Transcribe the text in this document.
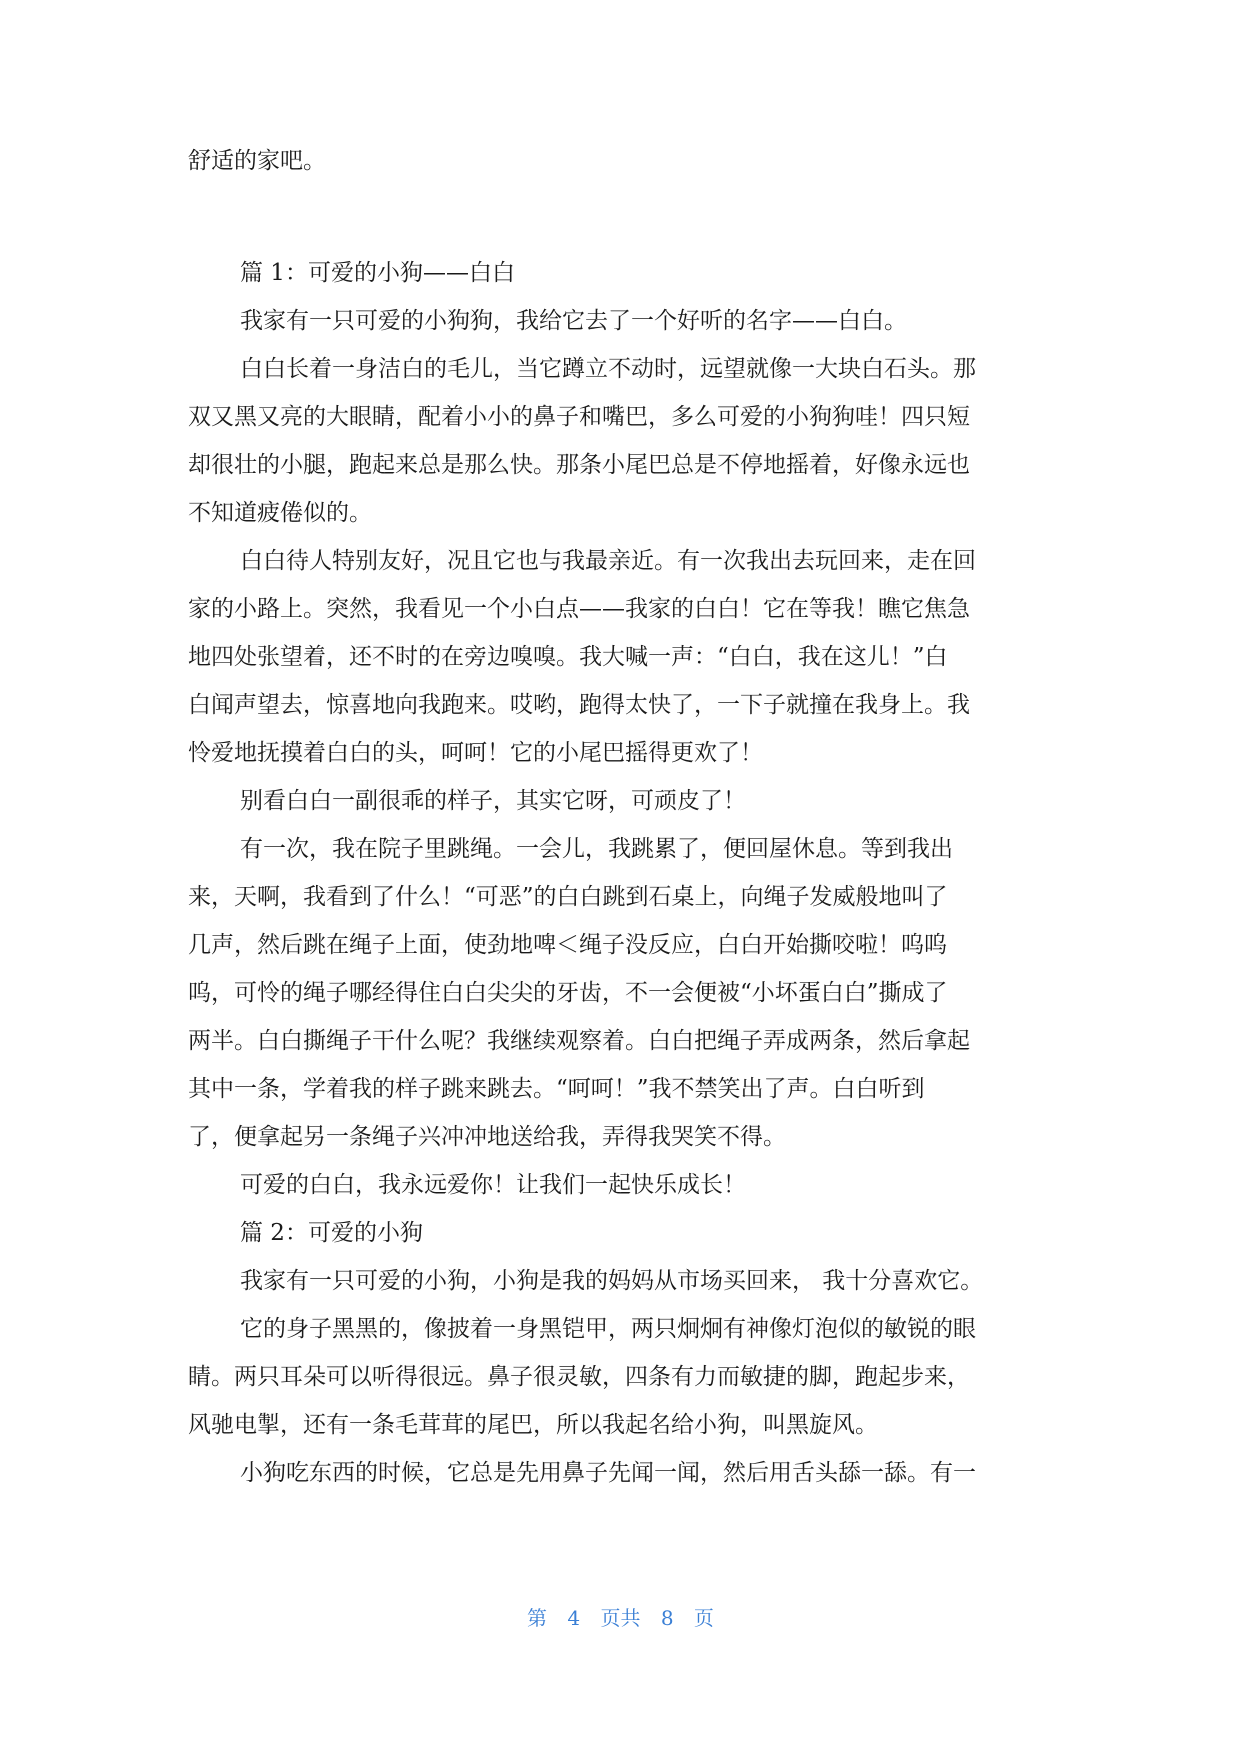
舒适的家吧。
篇 1：可爱的小狗——白白
我家有一只可爱的小狗狗，我给它去了一个好听的名字——白白。
白白长着一身洁白的毛儿，当它蹲立不动时，远望就像一大块白石头。那
双又黑又亮的大眼睛，配着小小的鼻子和嘴巴，多么可爱的小狗狗哇！四只短
却很壮的小腿，跑起来总是那么快。那条小尾巴总是不停地摇着，好像永远也
不知道疲倦似的。
白白待人特别友好，况且它也与我最亲近。有一次我出去玩回来，走在回
家的小路上。突然，我看见一个小白点——我家的白白！它在等我！瞧它焦急
地四处张望着，还不时的在旁边嗅嗅。我大喊一声：“白白，我在这儿！”白
白闻声望去，惊喜地向我跑来。哎哟，跑得太快了，一下子就撞在我身上。我
怜爱地抚摸着白白的头，呵呵！它的小尾巴摇得更欢了！
别看白白一副很乖的样子，其实它呀，可顽皮了！
有一次，我在院子里跳绳。一会儿，我跳累了，便回屋休息。等到我出
来，天啊，我看到了什么！“可恶”的白白跳到石桌上，向绳子发威般地叫了
几声，然后跳在绳子上面，使劲地啤＜绳子没反应，白白开始撕咬啦！呜呜
呜，可怜的绳子哪经得住白白尖尖的牙齿，不一会便被“小坏蛋白白”撕成了
两半。白白撕绳子干什么呢？我继续观察着。白白把绳子弄成两条，然后拿起
其中一条，学着我的样子跳来跳去。“呵呵！”我不禁笑出了声。白白听到
了，便拿起另一条绳子兴冲冲地送给我，弄得我哭笑不得。
可爱的白白，我永远爱你！让我们一起快乐成长！
篇 2：可爱的小狗
我家有一只可爱的小狗，小狗是我的妈妈从市场买回来， 我十分喜欢它。
它的身子黑黑的，像披着一身黑铠甲，两只炯炯有神像灯泡似的敏锐的眼
睛。两只耳朵可以听得很远。鼻子很灵敏，四条有力而敏捷的脚，跑起步来，
风驰电掣，还有一条毛茸茸的尾巴，所以我起名给小狗，叫黑旋风。
小狗吃东西的时候，它总是先用鼻子先闻一闻，然后用舌头舔一舔。有一
第 4 页共 8 页
